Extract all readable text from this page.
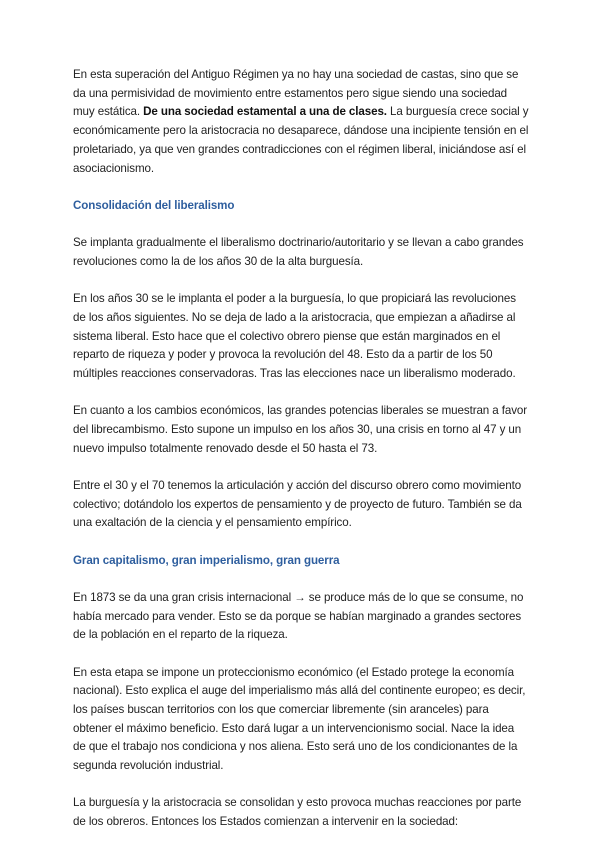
En esta superación del Antiguo Régimen ya no hay una sociedad de castas, sino que se da una permisividad de movimiento entre estamentos pero sigue siendo una sociedad muy estática. De una sociedad estamental a una de clases. La burguesía crece social y económicamente pero la aristocracia no desaparece, dándose una incipiente tensión en el proletariado, ya que ven grandes contradicciones con el régimen liberal, iniciándose así el asociacionismo.

Consolidación del liberalismo

Se implanta gradualmente el liberalismo doctrinario/autoritario y se llevan a cabo grandes revoluciones como la de los años 30 de la alta burguesía.

En los años 30 se le implanta el poder a la burguesía, lo que propiciará las revoluciones de los años siguientes. No se deja de lado a la aristocracia, que empiezan a añadirse al sistema liberal. Esto hace que el colectivo obrero piense que están marginados en el reparto de riqueza y poder y provoca la revolución del 48. Esto da a partir de los 50 múltiples reacciones conservadoras. Tras las elecciones nace un liberalismo moderado.

En cuanto a los cambios económicos, las grandes potencias liberales se muestran a favor del librecambismo. Esto supone un impulso en los años 30, una crisis en torno al 47 y un nuevo impulso totalmente renovado desde el 50 hasta el 73.

Entre el 30 y el 70 tenemos la articulación y acción del discurso obrero como movimiento colectivo; dotándolo los expertos de pensamiento y de proyecto de futuro. También se da una exaltación de la ciencia y el pensamiento empírico.

Gran capitalismo, gran imperialismo, gran guerra

En 1873 se da una gran crisis internacional → se produce más de lo que se consume, no había mercado para vender. Esto se da porque se habían marginado a grandes sectores de la población en el reparto de la riqueza.

En esta etapa se impone un proteccionismo económico (el Estado protege la economía nacional). Esto explica el auge del imperialismo más allá del continente europeo; es decir, los países buscan territorios con los que comerciar libremente (sin aranceles) para obtener el máximo beneficio. Esto dará lugar a un intervencionismo social. Nace la idea de que el trabajo nos condiciona y nos aliena. Esto será uno de los condicionantes de la segunda revolución industrial.

La burguesía y la aristocracia se consolidan y esto provoca muchas reacciones por parte de los obreros. Entonces los Estados comienzan a intervenir en la sociedad:
